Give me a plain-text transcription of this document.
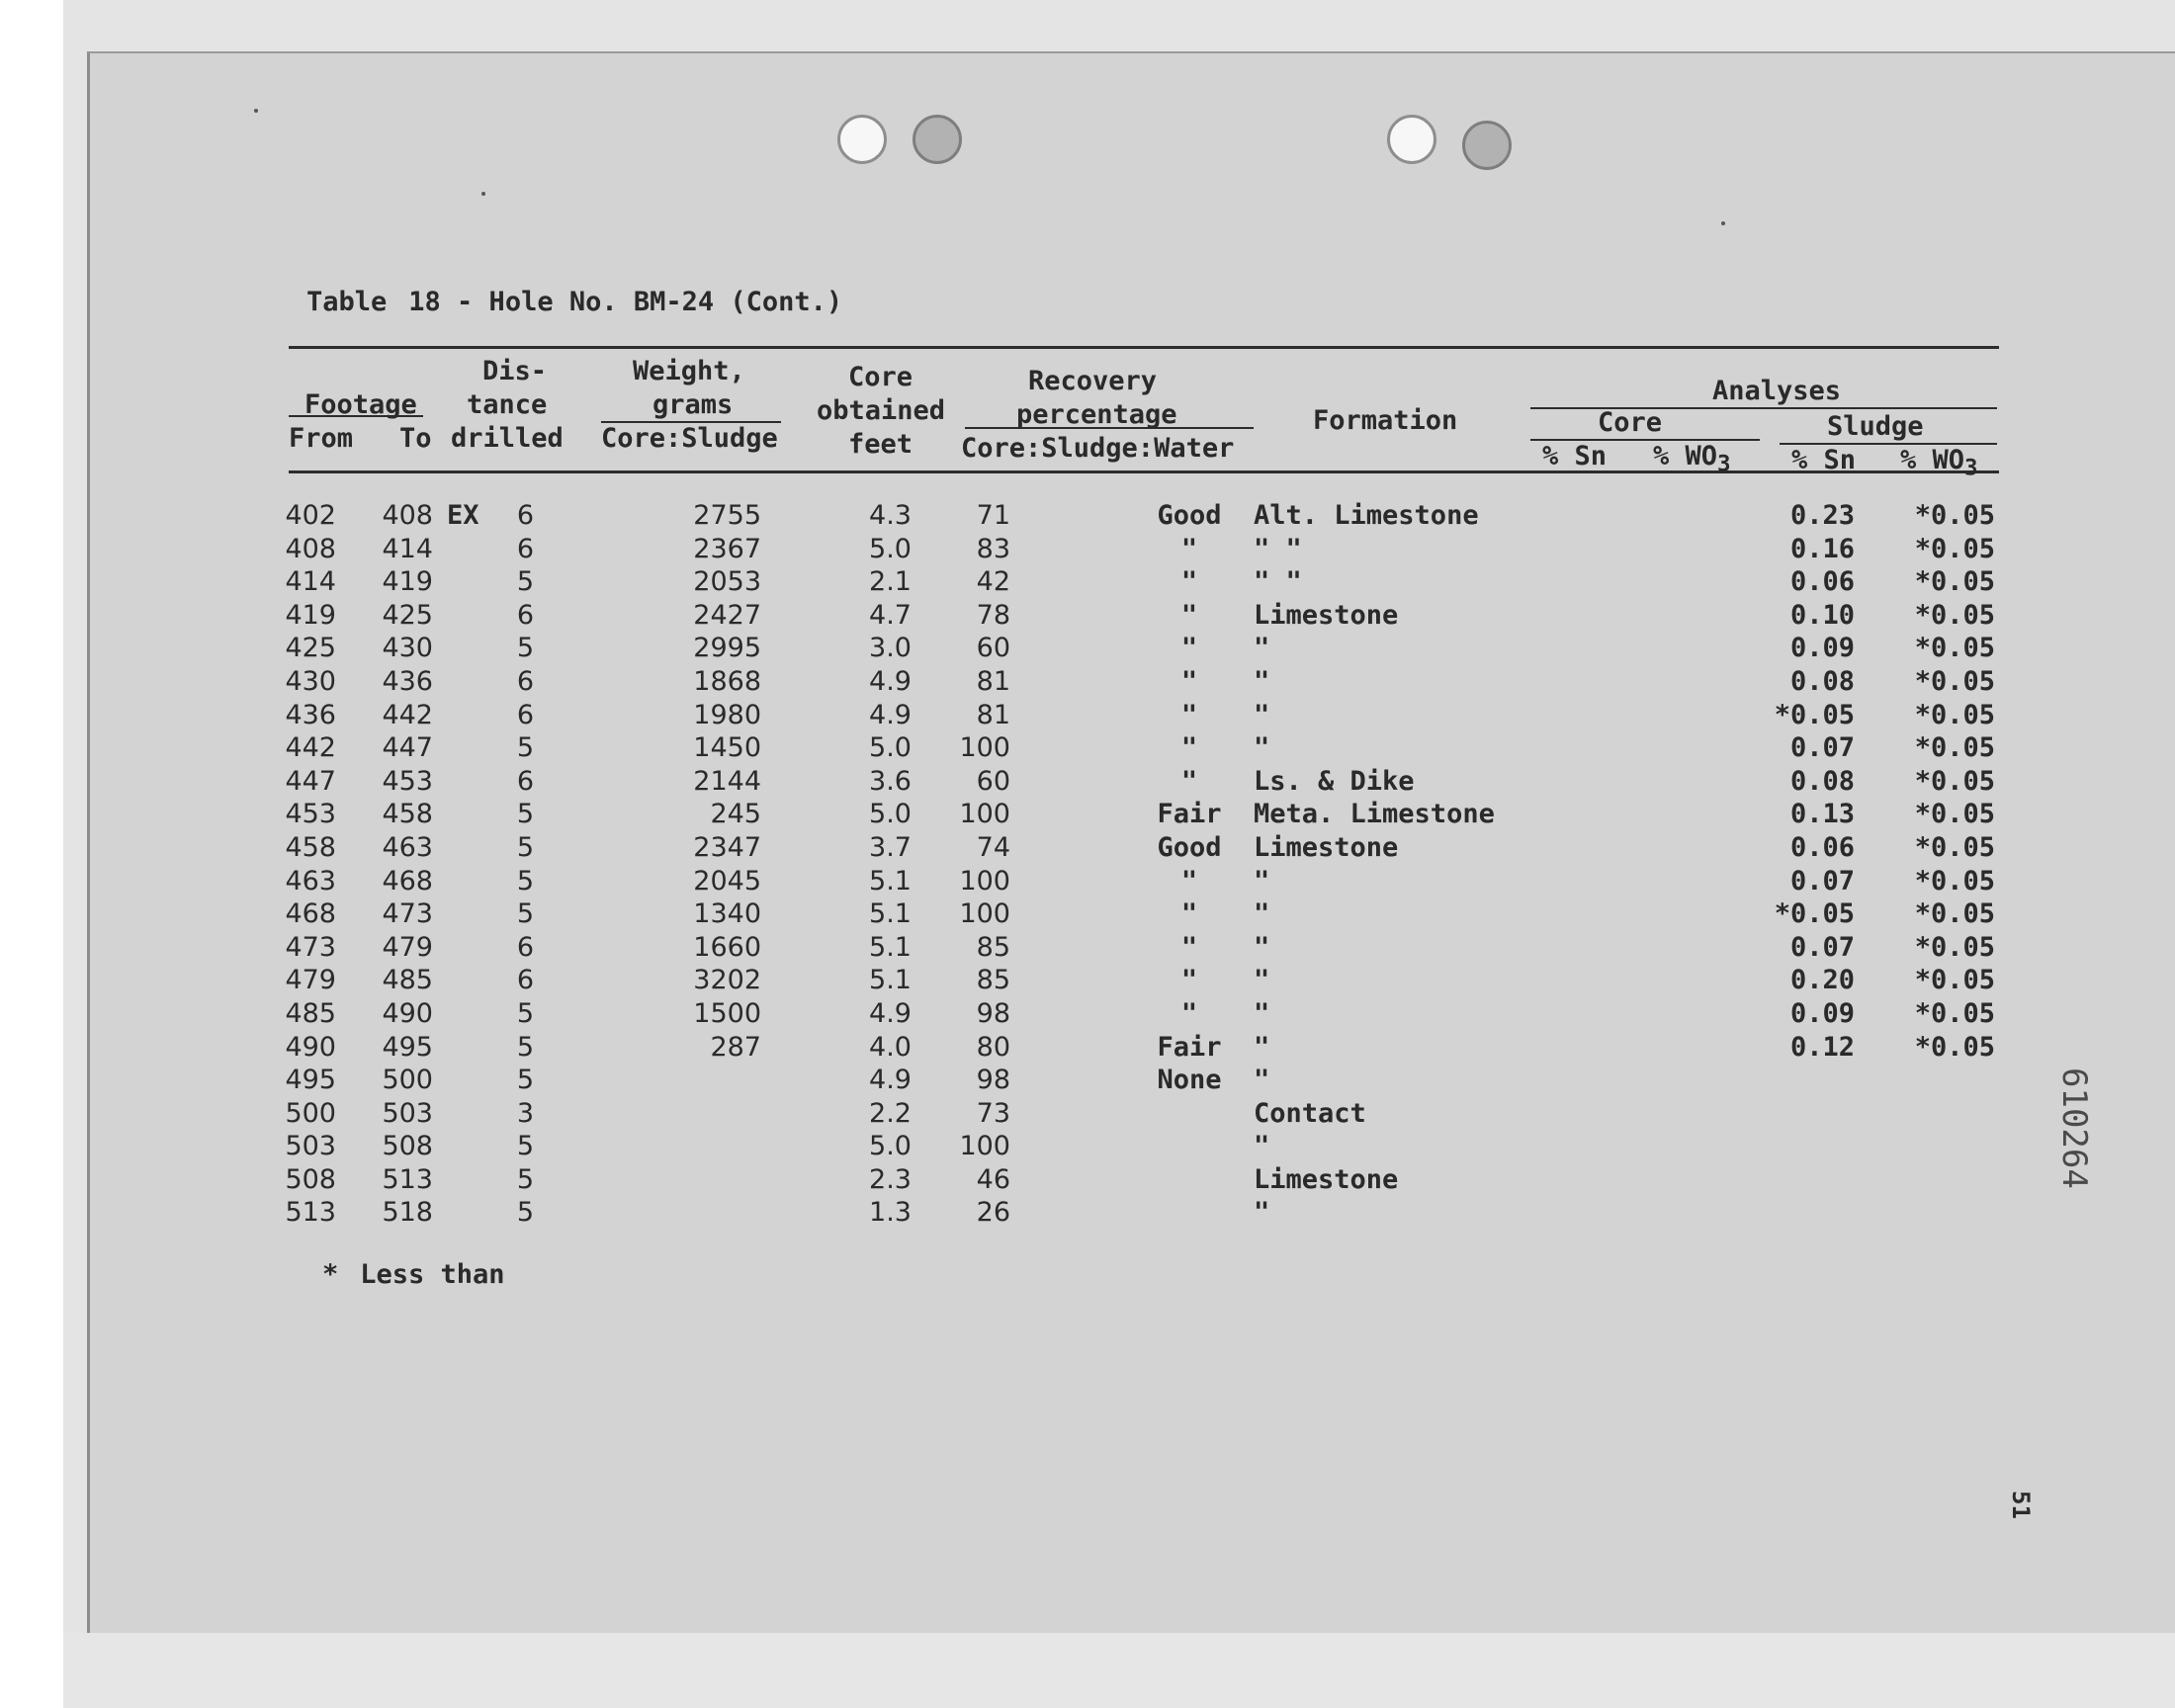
Table 18 - Hole No. BM-24 (Cont.)
Dis-
tance
drilled
Footage
From To
Weight,
grams
Core:Sludge
Core
obtained
feet
Recovery
percentage
Core:Sludge:Water
Formation
Analyses
Core	Sludge
% Sn % $WO_3$ % Sn % $WO_3$
402
408
414
419
425
430
436
442
447
453
458
463
468
473
479
485
490
495
500
503
508
513
408
414
419
425
430
436
442
447
453
458
463
468
473
479
485
490
495
500
503
508
513
518
EX

	6
6
5
6
5
6
6
5
6
5
5
5
5
6
6
5
5
5
3
5
5
5
2755
2367
2053
2427
2995
1868
1980
1450
2144
245
2347
2045
1340
1660
3202
1500
287

4.3
5.0
2.1
4.7
3.0
4.9
4.9
5.0
3.6
5.0
3.7
5.1
5.1
5.1
5.1
4.9
4.0
4.9
2.2
5.0
2.3
1.3
71
83
42
78
60
81
81
100
60
100
74
100
100
85
85
98
80
98
73
100
46
26
Good
"
"
"
"
"
"
"
"
Fair
Good
"
"
"
"
"
Fair
None

Alt. Limestone
" "
" "
Limestone
"
"
"
"
Ls. & Dike
Meta. Limestone
Limestone
"
"
"
"
"
"
"
Contact
"
Limestone
"
0.23
0.16
0.06
0.10
0.09
0.08
*0.05
0.07
0.08
0.13
0.06
0.07
*0.05
0.07
0.20
0.09
0.12

*0.05
*0.05
*0.05
*0.05
*0.05
*0.05
*0.05
*0.05
*0.05
*0.05
*0.05
*0.05
*0.05
*0.05
*0.05
*0.05
*0.05

* Less than
610264
51
